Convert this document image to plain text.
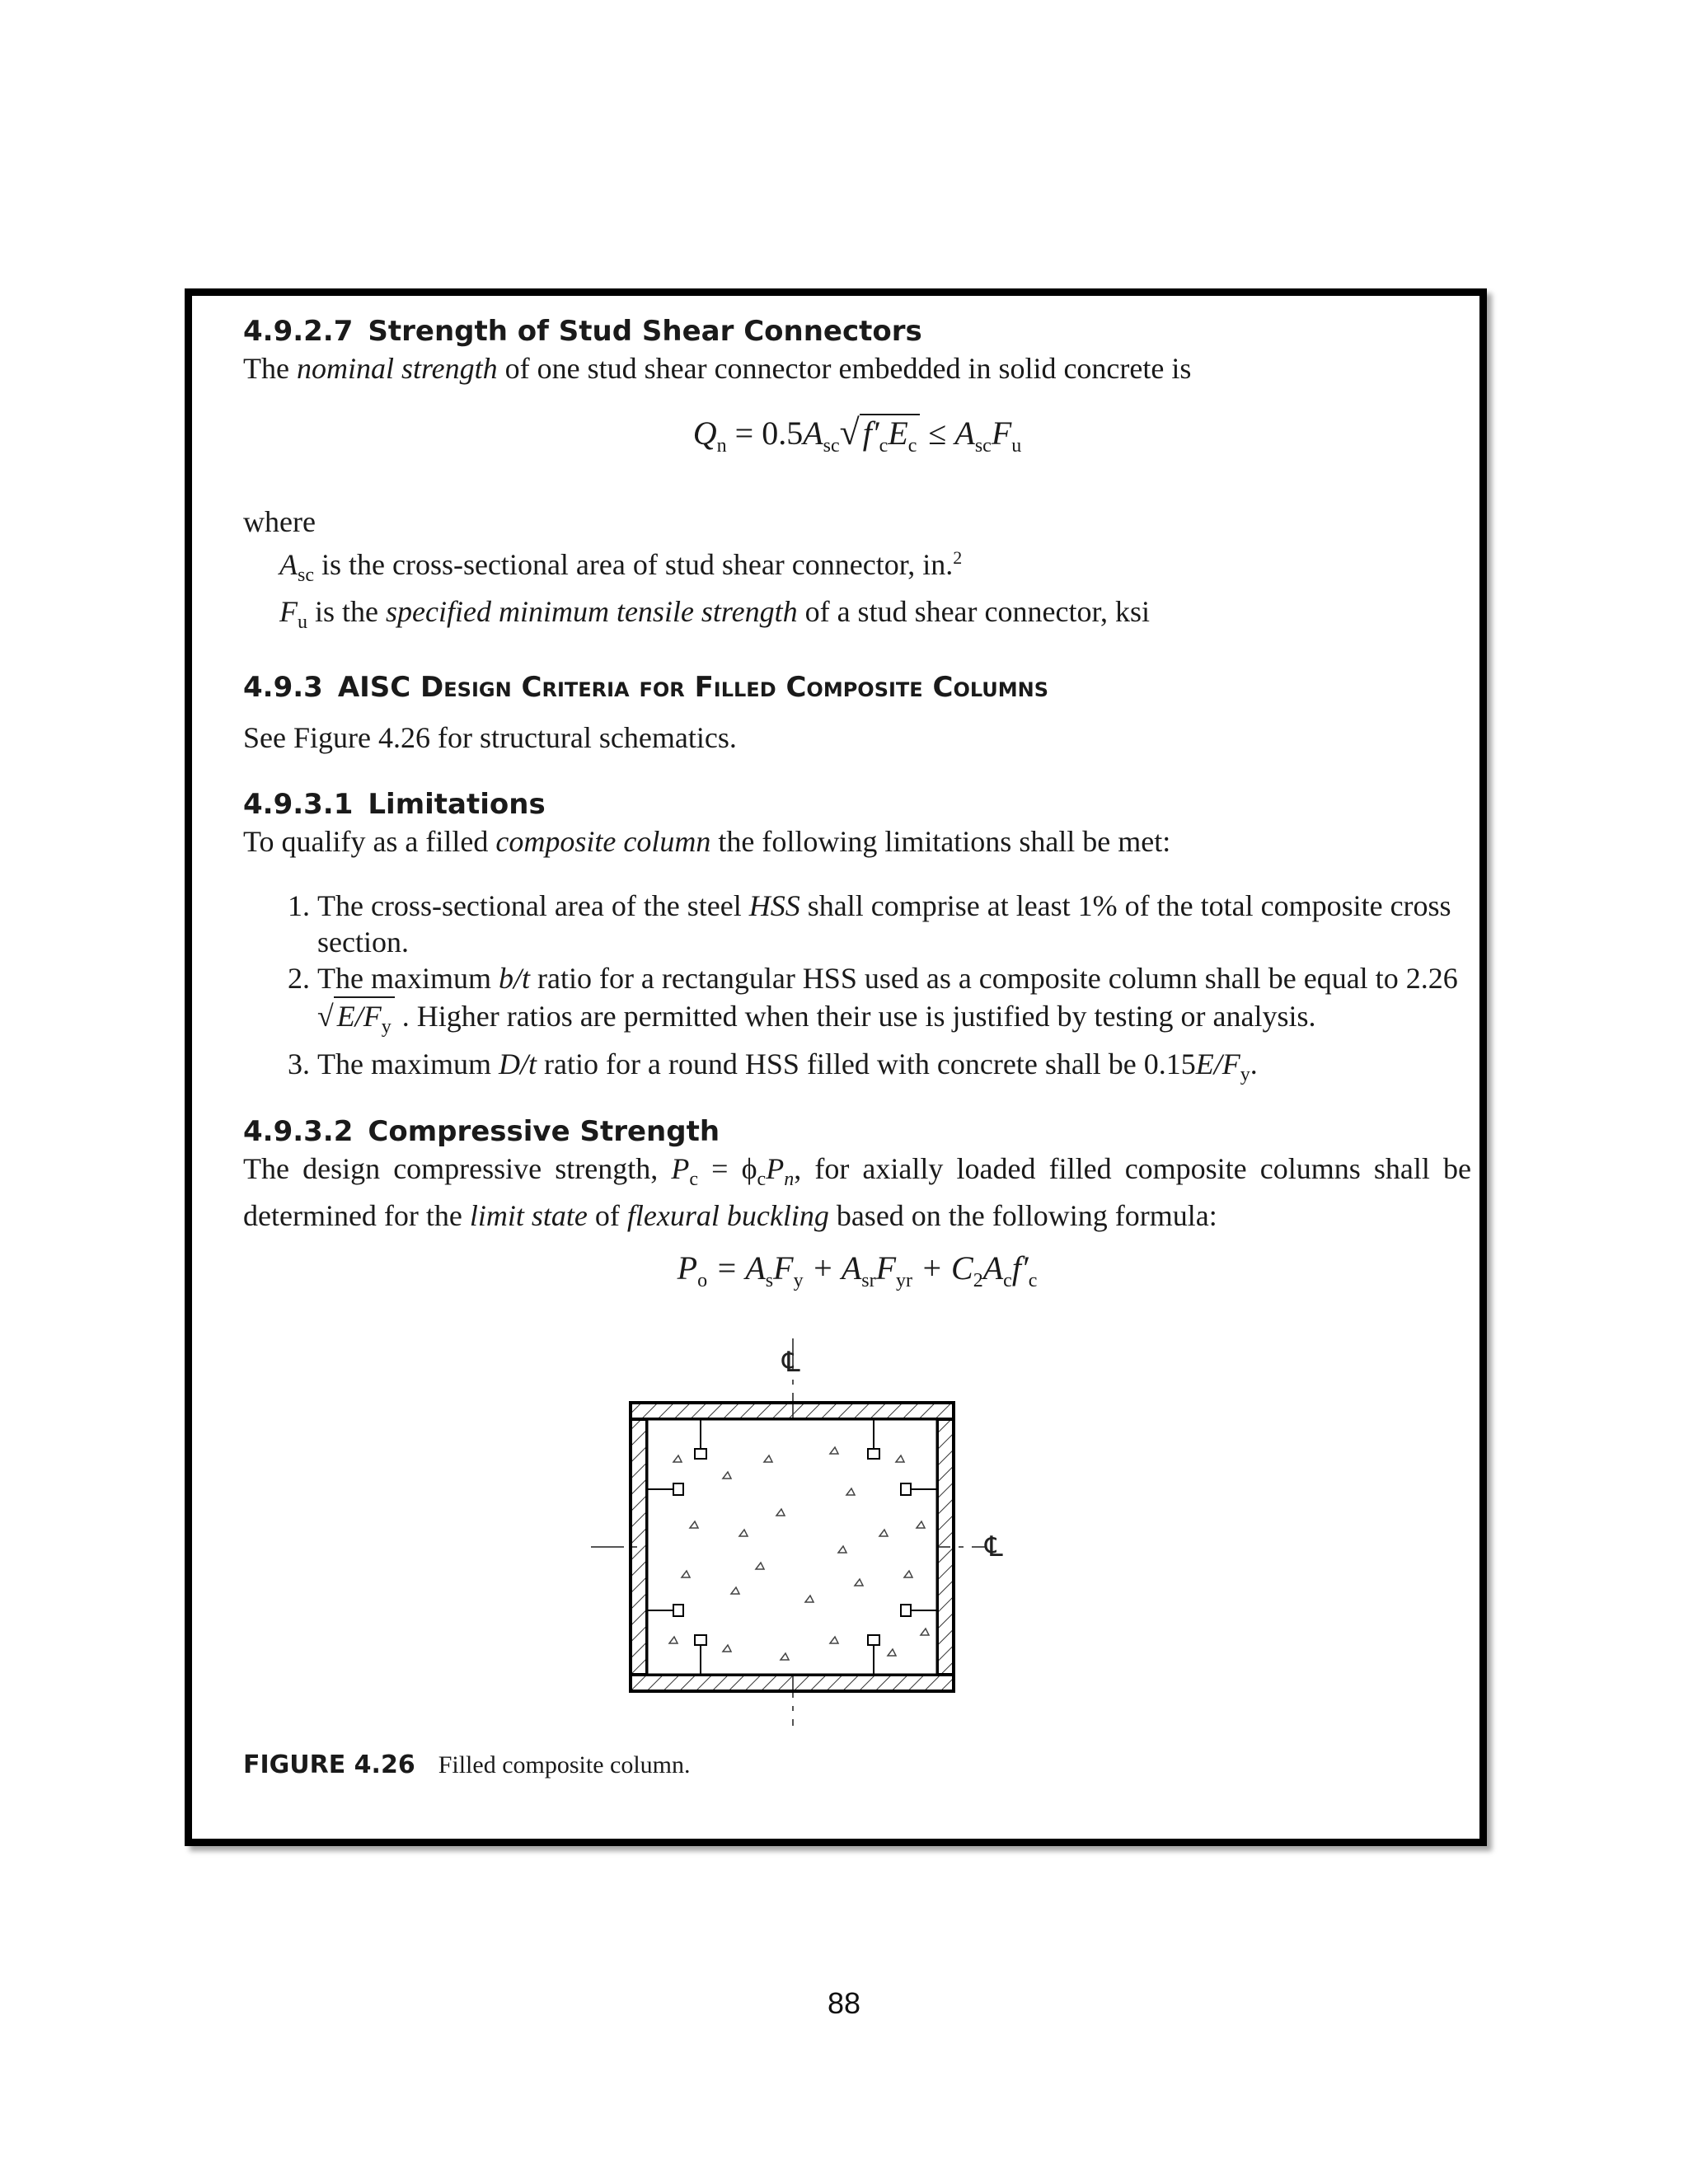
4.9.2.7 Strength of Stud Shear Connectors

The nominal strength of one stud shear connector embedded in solid concrete is

$Q_n = 0.5A_{sc}√$ $f'_cE_c \le A_{sc}F_u$

where

$A_{sc}$ is the cross-sectional area of stud shear connector, in.$^2$

$F_u$ is the specified minimum tensile strength of a stud shear connector, ksi

4.9.3 AISC Design Criteria for Filled Composite Columns

See Figure 4.26 for structural schematics.

4.9.3.1 Limitations

To qualify as a filled composite column the following limitations shall be met:

1. The cross-sectional area of the steel HSS shall comprise at least 1% of the total composite cross section.
2. The maximum b/t ratio for a rectangular HSS used as a composite column shall be equal to 2.26 √ $E/F_y$ . Higher ratios are permitted when their use is justified by testing or analysis.
3. The maximum D/t ratio for a round HSS filled with concrete shall be $0.15E/F_y$.
4.9.3.2 Compressive Strength

The design compressive strength, $P_c = \phi_cP_n$, for axially loaded filled composite columns shall be determined for the limit state of flexural buckling based on the following formula:

$P_o = A_sF_y + A_{sr}F_{yr} + C_2A_cf'_c$
℄
℄
FIGURE 4.26 Filled composite column.
88
